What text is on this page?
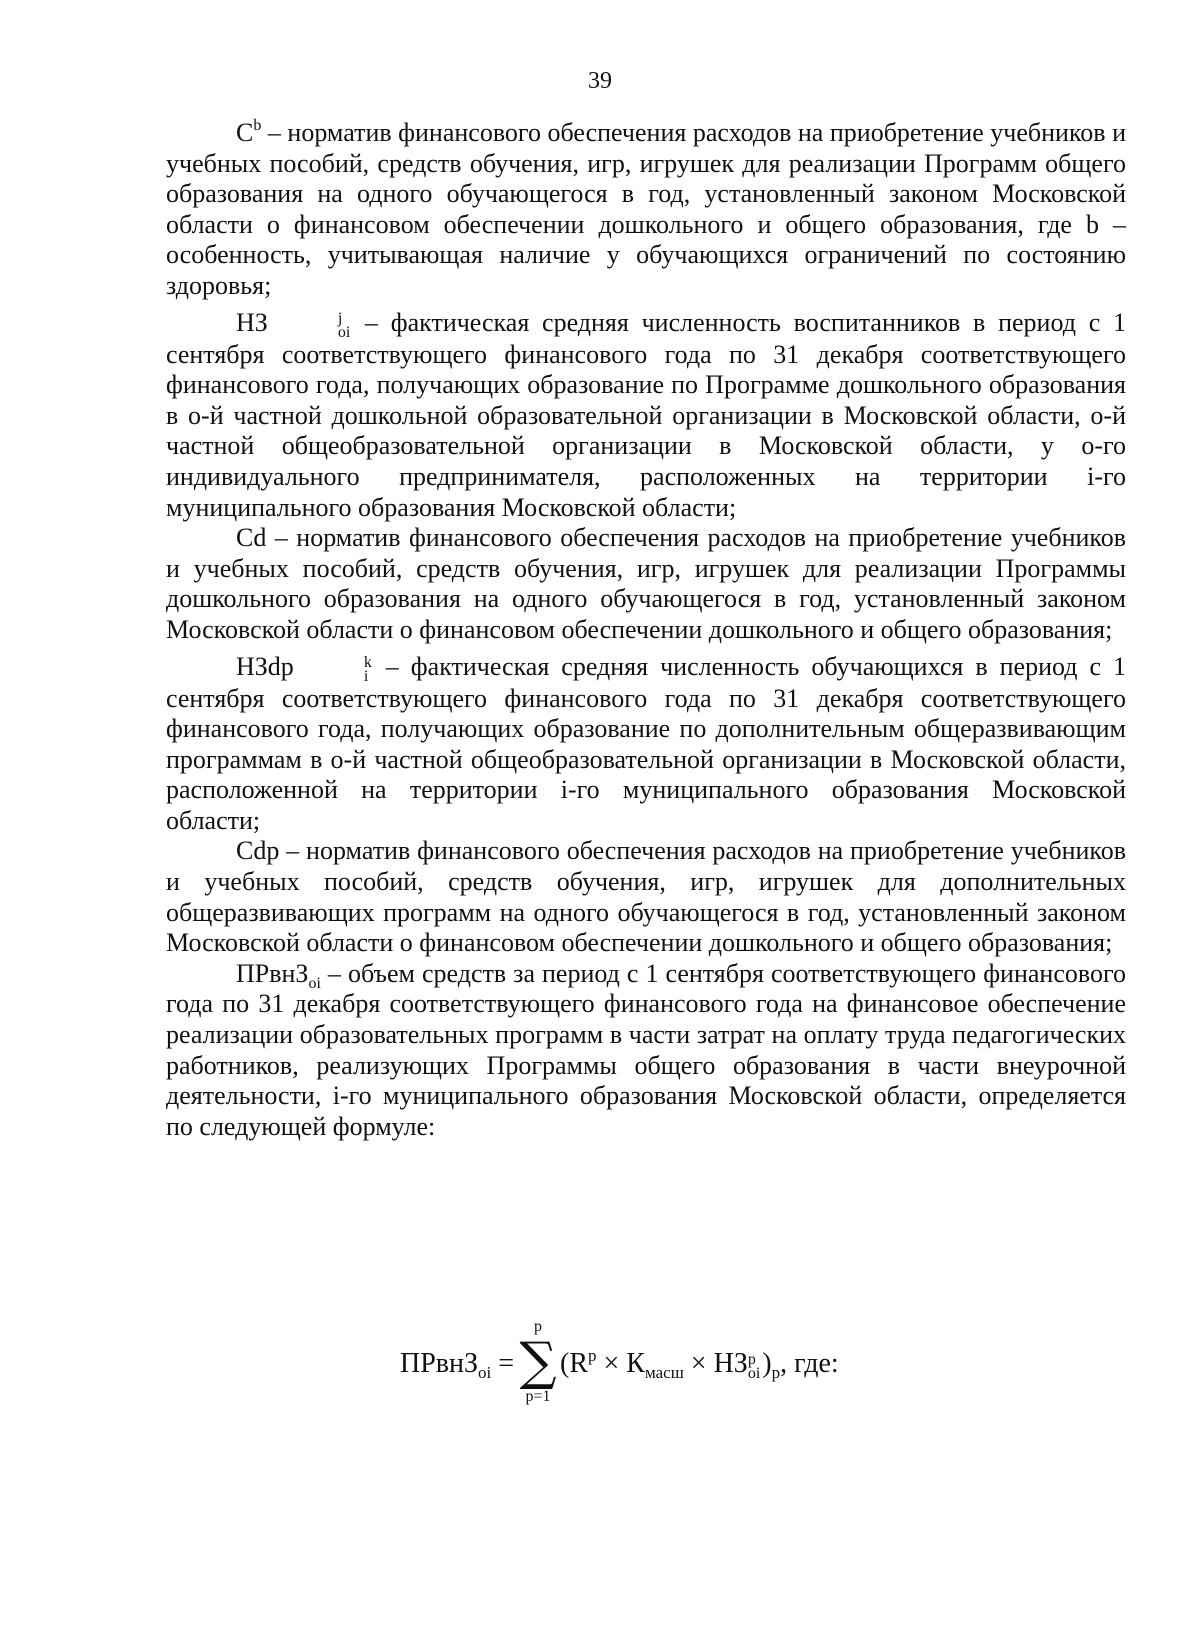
39

$C^b$ – норматив финансового обеспечения расходов на приобретение учебников и учебных пособий, средств обучения, игр, игрушек для реализации Программ общего образования на одного обучающегося в год, установленный законом Московской области о финансовом обеспечении дошкольного и общего образования, где b – особенность, учитывающая наличие у обучающихся ограничений по состоянию здоровья;

НЗ	j
oi – фактическая средняя численность воспитанников в период с 1 сентября соответствующего финансового года по 31 декабря соответствующего финансового года, получающих образование по Программе дошкольного образования в о-й частной дошкольной образовательной организации в Московской области, о-й частной общеобразовательной организации в Московской области, у о-го индивидуального предпринимателя, расположенных на территории i-го муниципального образования Московской области;

Cd – норматив финансового обеспечения расходов на приобретение учебников и учебных пособий, средств обучения, игр, игрушек для реализации Программы дошкольного образования на одного обучающегося в год, установленный законом Московской области о финансовом обеспечении дошкольного и общего образования;

НЗdp	k
i – фактическая средняя численность обучающихся в период с 1 сентября соответствующего финансового года по 31 декабря соответствующего финансового года, получающих образование по дополнительным общеразвивающим программам в о-й частной общеобразовательной организации в Московской области, расположенной на территории i-го муниципального образования Московской области;

Cdp – норматив финансового обеспечения расходов на приобретение учебников и учебных пособий, средств обучения, игр, игрушек для дополнительных общеразвивающих программ на одного обучающегося в год, установленный законом Московской области о финансовом обеспечении дошкольного и общего образования;

ПРвнЗ$_{oi}$ – объем средств за период с 1 сентября соответствующего финансового года по 31 декабря соответствующего финансового года на финансовое обеспечение реализации образовательных программ в части затрат на оплату труда педагогических работников, реализующих Программы общего образования в части внеурочной деятельности, i-го муниципального образования Московской области, определяется по следующей формуле:

ПРвнЗ$_{oi}$ =
p
∑
p=1
($R^p \times К_{масш}$ × НЗ p
oi )$_p$, где:
